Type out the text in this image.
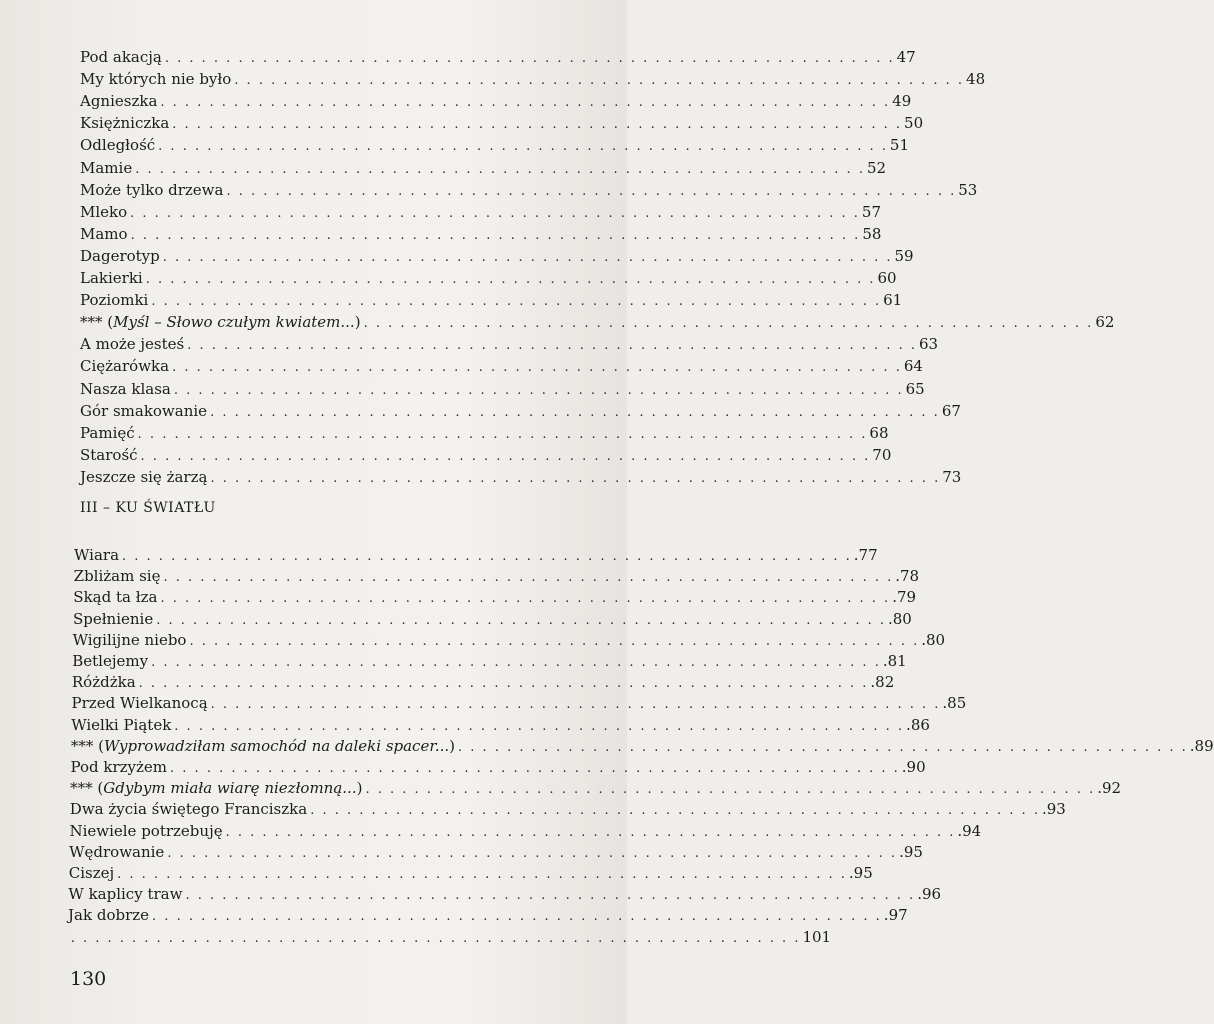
Pod akacją . . . . . . . . . . . . . . . . . . . . . . . . . . . . . . . . . . . . . . . . . . . . . . . . . . . . . . . . . . . . 47
My których nie było . . . . . . . . . . . . . . . . . . . . . . . . . . . . . . . . . . . . . . . . . . . . . . . . . . . . . . . . . . . . 48
Agnieszka . . . . . . . . . . . . . . . . . . . . . . . . . . . . . . . . . . . . . . . . . . . . . . . . . . . . . . . . . . . . 49
Księżniczka . . . . . . . . . . . . . . . . . . . . . . . . . . . . . . . . . . . . . . . . . . . . . . . . . . . . . . . . . . . . 50
Odległość . . . . . . . . . . . . . . . . . . . . . . . . . . . . . . . . . . . . . . . . . . . . . . . . . . . . . . . . . . . . 51
Mamie . . . . . . . . . . . . . . . . . . . . . . . . . . . . . . . . . . . . . . . . . . . . . . . . . . . . . . . . . . . . 52
Może tylko drzewa . . . . . . . . . . . . . . . . . . . . . . . . . . . . . . . . . . . . . . . . . . . . . . . . . . . . . . . . . . . . 53
Mleko . . . . . . . . . . . . . . . . . . . . . . . . . . . . . . . . . . . . . . . . . . . . . . . . . . . . . . . . . . . . 57
Mamo . . . . . . . . . . . . . . . . . . . . . . . . . . . . . . . . . . . . . . . . . . . . . . . . . . . . . . . . . . . . 58
Dagerotyp . . . . . . . . . . . . . . . . . . . . . . . . . . . . . . . . . . . . . . . . . . . . . . . . . . . . . . . . . . . . 59
Lakierki . . . . . . . . . . . . . . . . . . . . . . . . . . . . . . . . . . . . . . . . . . . . . . . . . . . . . . . . . . . . 60
Poziomki . . . . . . . . . . . . . . . . . . . . . . . . . . . . . . . . . . . . . . . . . . . . . . . . . . . . . . . . . . . . 61
*** (Myśl – Słowo czułym kwiatem...) . . . . . . . . . . . . . . . . . . . . . . . . . . . . . . . . . . . . . . . . . . . . . . . . . . . . . . . . . . . . 62
A może jesteś . . . . . . . . . . . . . . . . . . . . . . . . . . . . . . . . . . . . . . . . . . . . . . . . . . . . . . . . . . . . 63
Ciężarówka . . . . . . . . . . . . . . . . . . . . . . . . . . . . . . . . . . . . . . . . . . . . . . . . . . . . . . . . . . . . 64
Nasza klasa . . . . . . . . . . . . . . . . . . . . . . . . . . . . . . . . . . . . . . . . . . . . . . . . . . . . . . . . . . . . 65
Gór smakowanie . . . . . . . . . . . . . . . . . . . . . . . . . . . . . . . . . . . . . . . . . . . . . . . . . . . . . . . . . . . . 67
Pamięć . . . . . . . . . . . . . . . . . . . . . . . . . . . . . . . . . . . . . . . . . . . . . . . . . . . . . . . . . . . . 68
Starość . . . . . . . . . . . . . . . . . . . . . . . . . . . . . . . . . . . . . . . . . . . . . . . . . . . . . . . . . . . . 70
Jeszcze się żarzą . . . . . . . . . . . . . . . . . . . . . . . . . . . . . . . . . . . . . . . . . . . . . . . . . . . . . . . . . . . . 73
Wiara . . . . . . . . . . . . . . . . . . . . . . . . . . . . . . . . . . . . . . . . . . . . . . . . . . . . . . . . . . . . .77
Zbliżam się . . . . . . . . . . . . . . . . . . . . . . . . . . . . . . . . . . . . . . . . . . . . . . . . . . . . . . . . . . . . .78
Skąd ta łza . . . . . . . . . . . . . . . . . . . . . . . . . . . . . . . . . . . . . . . . . . . . . . . . . . . . . . . . . . . . .79
Spełnienie . . . . . . . . . . . . . . . . . . . . . . . . . . . . . . . . . . . . . . . . . . . . . . . . . . . . . . . . . . . . .80
Wigilijne niebo . . . . . . . . . . . . . . . . . . . . . . . . . . . . . . . . . . . . . . . . . . . . . . . . . . . . . . . . . . . . .80
Betlejemy . . . . . . . . . . . . . . . . . . . . . . . . . . . . . . . . . . . . . . . . . . . . . . . . . . . . . . . . . . . . .81
Różdżka . . . . . . . . . . . . . . . . . . . . . . . . . . . . . . . . . . . . . . . . . . . . . . . . . . . . . . . . . . . . .82
Przed Wielkanocą . . . . . . . . . . . . . . . . . . . . . . . . . . . . . . . . . . . . . . . . . . . . . . . . . . . . . . . . . . . . .85
Wielki Piątek . . . . . . . . . . . . . . . . . . . . . . . . . . . . . . . . . . . . . . . . . . . . . . . . . . . . . . . . . . . . .86
*** (Wyprowadziłam samochód na daleki spacer...) . . . . . . . . . . . . . . . . . . . . . . . . . . . . . . . . . . . . . . . . . . . . . . . . . . . . . . . . . . . . .89
Pod krzyżem . . . . . . . . . . . . . . . . . . . . . . . . . . . . . . . . . . . . . . . . . . . . . . . . . . . . . . . . . . . . .90
*** (Gdybym miała wiarę niezłomną...) . . . . . . . . . . . . . . . . . . . . . . . . . . . . . . . . . . . . . . . . . . . . . . . . . . . . . . . . . . . . .92
Dwa życia świętego Franciszka . . . . . . . . . . . . . . . . . . . . . . . . . . . . . . . . . . . . . . . . . . . . . . . . . . . . . . . . . . . . .93
Niewiele potrzebuję . . . . . . . . . . . . . . . . . . . . . . . . . . . . . . . . . . . . . . . . . . . . . . . . . . . . . . . . . . . . .94
Wędrowanie . . . . . . . . . . . . . . . . . . . . . . . . . . . . . . . . . . . . . . . . . . . . . . . . . . . . . . . . . . . . .95
Ciszej . . . . . . . . . . . . . . . . . . . . . . . . . . . . . . . . . . . . . . . . . . . . . . . . . . . . . . . . . . . . .95
W kaplicy traw . . . . . . . . . . . . . . . . . . . . . . . . . . . . . . . . . . . . . . . . . . . . . . . . . . . . . . . . . . . . .96
Jak dobrze . . . . . . . . . . . . . . . . . . . . . . . . . . . . . . . . . . . . . . . . . . . . . . . . . . . . . . . . . . . . .97
. . . . . . . . . . . . . . . . . . . . . . . . . . . . . . . . . . . . . . . . . . . . . . . . . . . . . . . . . . . . 101
III – KU ŚWIATŁU
130
